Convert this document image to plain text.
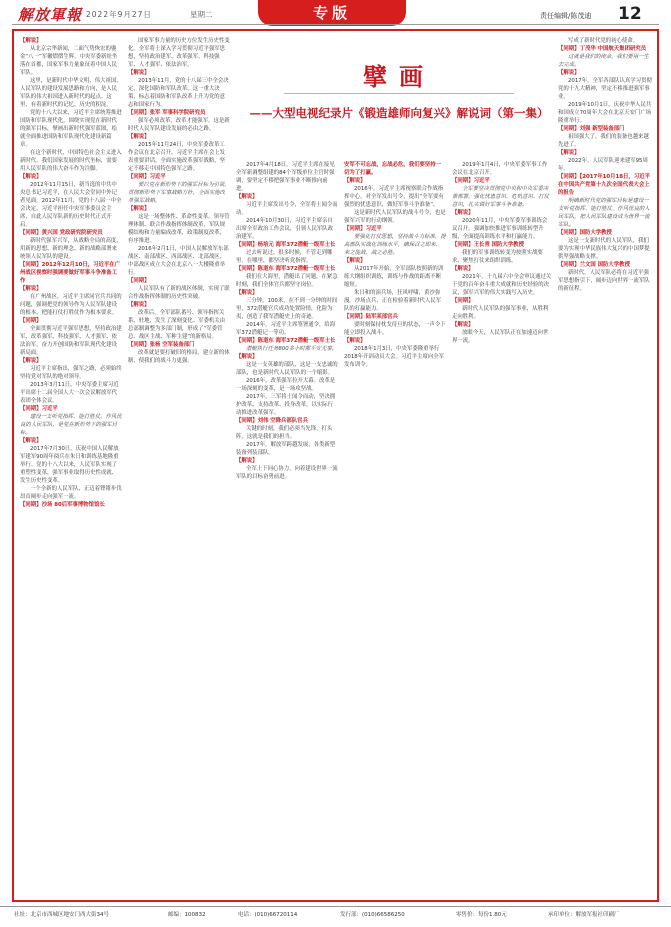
解放軍報 2022年9月27日	星期二	专版	责任编辑/陈茂迪 12

【解说】

从北京宗华新闻，二面气势恢宏的鎏金“八一”军徽熠熠生辉。中央军委新址坐落在首都，国家军事力量象征着中国人民军队。

这里，是新时代中华文明，伟大祖国，人民军队的建设发展思路和方向，是人民军队的伟大祖国进入新时代的起点。这里，有着新时代的记忆、历史的积淀。

党的十八大以来，习近平主席统筹推进国防和军队现代化，围绕实现党在新时代的强军目标，擘画出新时代强军蓝图，绘就全面推进国防和军队现代化建设新篇章。

在这个新时代，中国特色社会主义进入新时代。我们国家发展的时代坐标，需要用人民军队的伟大奋斗作为注脚。

【解说】

2012年11月15日，新当选的中共中央总书记习近平，在人民大会堂同中外记者见面。2012年11月，党的十八届一中全会决定，习近平担任中央军事委员会主席，自此人民军队新的历史时代正式开启。

【同期】黄兴国 党政研究院研究员

新时代强军兴军，从战略全局的高度，用新的思想、新的理念、新的战略部署来统领人民军队的建设。

【同期】2012年12月10日，习近平在广州战区视察时强调要做好军事斗争准备工作

【解说】

在广州战区，习近平主席同官兵共同的问题，强调把党的领导作为人民军队建设的根本，把能打仗打胜仗作为根本要求。

【同期】

全面贯彻习近平强军思想，坚持政治建军、改革强军、科技强军、人才强军、依法治军，奋力开创国防和军队现代化建设新局面。

【解说】

习近平主席指出，强军之路，必须始终坚持党对军队的绝对领导。

2013年3月11日，中央军委主席习近平出席十二届全国人大一次会议解放军代表团全体会议。

【同期】习近平

建设一支听党指挥、能打胜仗、作风优良的人民军队，是党在新形势下的强军目标。

【解说】

2017年7月30日，庆祝中国人民解放军建军90周年阅兵在朱日和训练基地隆重举行。党的十八大以来，人民军队实现了重塑性变革，强军事业取得历史性成就、发生历史性变革。

一个全新的人民军队，正迈着铿锵步伐昂首阔步走向强军一流。

【同期】沙场 80后军事博物馆馆长

国家军事力量的历史方位发生历史性变化。全军将士深入学习贯彻习近平强军思想，坚持政治建军、改革强军、科技强军、人才强军、依法治军。

【解说】

2013年11月，党的十八届三中全会决定，深化国防和军队改革。这一重大决策，标志着国防和军队改革上升为党的意志和国家行为。

【同期】张军 军事科学院研究员

强军必须改革，改革才能强军。这是新时代人民军队建设发展的必由之路。

【解说】

2015年11月24日，中央军委改革工作会议在北京召开。习近平主席在会上发表重要讲话，全面实施改革强军战略，坚定不移走中国特色强军之路。

【同期】习近平

要以党在新形势下的强军目标为引领，贯彻新形势下军事战略方针，全面实施改革强军战略。

【解说】

这是一场整体性、革命性变革。领导管理体制、联合作战指挥体制改革，军队规模结构和力量编成改革，政策制度改革，有序推进。

2016年2月1日，中国人民解放军东部战区、南部战区、西部战区、北部战区、中部战区成立大会在北京八一大楼隆重举行。

【同期】

人民军队有了新的战区体制，实现了联合作战指挥体制的历史性突破。

【解说】

改革后，全军部队番号、领导指挥关系、驻地，发生了深刻变化。军委机关由总部制调整为多部门制，形成了“军委管总、战区主战、军种主建”的新格局。

【同期】张杨 空军装备部门

改革就是要打破旧的格局，建立新的体制，使我们的战斗力更强。

擘画
——大型电视纪录片《锻造雄师向复兴》解说词（第一集）

2017年4月18日，习近平主席在接见全军新调整组建的84个军级单位主官时强调，要坚定不移把强军事业不断推向前进。

【解说】

习近平主席发出号令，全军将士闻令而动。

2014年10月30日，习近平主席亲自出席全军政治工作会议，引领人民军队政治建军。

【同期】杨培元 海军372潜艇一级军士长

过去听说过，很多时候，不管走到哪里，在哪里，都坚决听党指挥。

【同期】陈道东 海军372潜艇一级军士长

我们在大海里，潜艇出了问题，在紧急时刻，我们全体官兵都坚守岗位。

【解说】

三分钟，100米，在不到一分钟的时间里，372潜艇官兵成功处置险情，化险为夷，创造了我军潜艇史上的奇迹。

2014年，习近平主席签署通令，给海军372潜艇记一等功。

【同期】陈道东 海军372潜艇一级军士长

潜艇执行任务800多小时都平安无事。

【解说】

这是一支英雄的部队，这是一支忠诚的部队，也是新时代人民军队的一个缩影。

2016年，改革强军拉开大幕。改革是一场深刻的变革，是一场攻坚战。

2017年，三军将士闻令而动，坚决拥护改革、支持改革、投身改革，以实际行动推进改革强军。

【同期】刘伟 空降兵部队官兵

关键的时刻，我们必须当先锋，打头阵，这就是我们的担当。

2017年，解放军跨越发展，各类新型装备列装部队。

【解说】

全军上下同心协力，向着建设世界一流军队的目标奋勇前进。

安军不可忘战，忘战必危。我们要坚持一切为了打赢。

【解说】

2016年，习近平主席视察联合作战指挥中心，对全军发出号令，提出“全军要有强烈的忧患意识，做好军事斗争准备”。

这是新时代人民军队的战斗号令，也是强军兴军的行动纲领。

【同期】习近平

要强化打仗思想，坚持战斗力标准，提高部队实战化训练水平，确保召之即来、来之能战、战之必胜。

【解说】

从2017年开始，全军部队按照新的训练大纲组织训练，训练与作战的距离不断缩短。

朱日和的演兵场，狂风呼啸，黄沙弥漫。沙场点兵，正在检验着新时代人民军队的打赢能力。

【同期】陆军某部官兵

要时刻保持枕戈待旦的状态，一声令下能立即投入战斗。

【解说】

2018年1月3日，中央军委隆重举行2018年开训动员大会。习近平主席向全军发布训令。

2019年1月4日，中央军委军事工作会议在北京召开。

【同期】习近平

全军要坚决贯彻党中央和中央军委决策部署，强化忧患意识、危机意识、打仗意识，扎实做好军事斗争准备。

【解说】

2020年11月，中央军委军事训练会议召开，强调加快推进军事训练转型升级，全面提高训练水平和打赢能力。

【同期】王长青 国防大学教授

我们的军事训练转变为按照实战要求、聚焦打仗来组织训练。

【解说】

2021年，十九届六中全会审议通过关于党的百年奋斗重大成就和历史经验的决议，强军兴军的伟大实践写入历史。

【同期】

新时代人民军队的强军事业，从胜利走向胜利。

【解说】

放眼今天，人民军队正在加速迈向世界一流。

写成了新时代党的初心使命。

【同期】丁茂华 中国航天集团研究员

这就是我们的使命，我们要用一生去完成。

【解说】

2017年，全军各部队认真学习贯彻党的十九大精神，坚定不移推进强军事业。

2019年10月1日，庆祝中华人民共和国成立70周年大会在北京天安门广场隆重举行。

【同期】刘强 新型装备部门

祖国强大了，我们的装备也越来越先进了。

【解说】

2022年，人民军队迎来建军95周年。

【同期】【2017年10月18日，习近平在中国共产党第十九次全国代表大会上的报告

明确新时代党的强军目标是建设一支听党指挥、能打胜仗、作风优良的人民军队，把人民军队建设成为世界一流军队。

【同期】国防大学教授

这是一支新时代的人民军队，我们要为实现中华民族伟大复兴的中国梦提供坚强战略支撑。

【同期】兰文国 国防大学教授

新时代，人民军队必将在习近平强军思想指引下，阔步迈向世界一流军队的新征程。

社址：北京市西城区地安门西大街34号	邮编：100832	电话：(010)66720114	发行部：(010)66586250	零售价：每份1.80元	承印单位：解放军报社印刷厂
